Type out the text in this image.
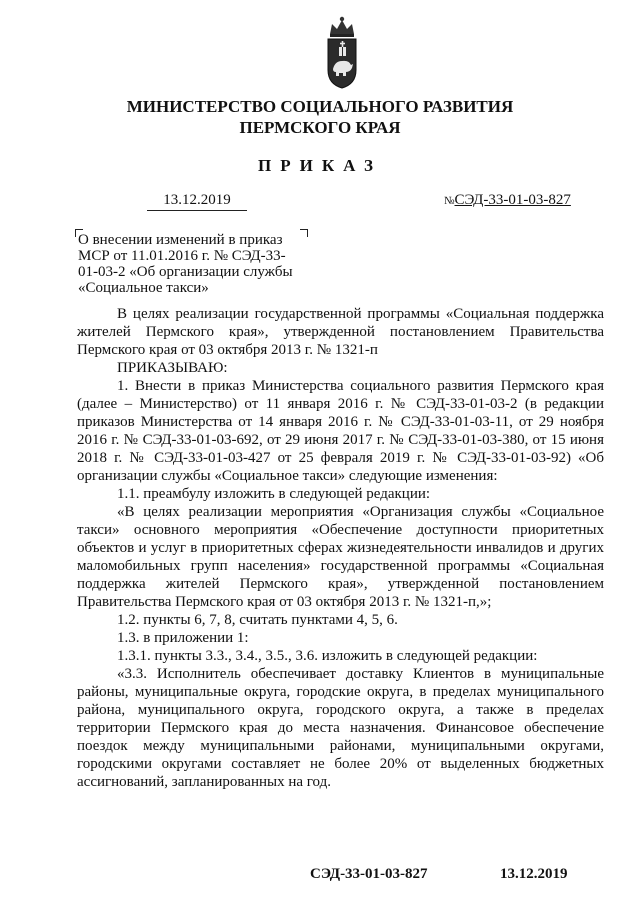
МИНИСТЕРСТВО СОЦИАЛЬНОГО РАЗВИТИЯ
ПЕРМСКОГО КРАЯ
ПРИКАЗ
13.12.2019	№СЭД-33-01-03-827
О внесении изменений в приказ МСР от 11.01.2016 г. № СЭД-33-01-03-2 «Об организации службы «Социальное такси»

В целях реализации государственной программы «Социальная поддержка жителей Пермского края», утвержденной постановлением Правительства Пермского края от 03 октября 2013 г. № 1321-п

ПРИКАЗЫВАЮ:

1. Внести в приказ Министерства социального развития Пермского края (далее – Министерство) от 11 января 2016 г. № СЭД-33-01-03-2 (в редакции приказов Министерства от 14 января 2016 г. № СЭД-33-01-03-11, от 29 ноября 2016 г. № СЭД-33-01-03-692, от 29 июня 2017 г. № СЭД-33-01-03-380, от 15 июня 2018 г. № СЭД-33-01-03-427 от 25 февраля 2019 г. № СЭД-33-01-03-92) «Об организации службы «Социальное такси» следующие изменения:

1.1. преамбулу изложить в следующей редакции:

«В целях реализации мероприятия «Организация службы «Социальное такси» основного мероприятия «Обеспечение доступности приоритетных объектов и услуг в приоритетных сферах жизнедеятельности инвалидов и других маломобильных групп населения» государственной программы «Социальная поддержка жителей Пермского края», утвержденной постановлением Правительства Пермского края от 03 октября 2013 г. № 1321-п,»;

1.2. пункты 6, 7, 8, считать пунктами 4, 5, 6.

1.3. в приложении 1:

1.3.1. пункты 3.3., 3.4., 3.5., 3.6. изложить в следующей редакции:

«3.3. Исполнитель обеспечивает доставку Клиентов в муниципальные районы, муниципальные округа, городские округа, в пределах муниципального района, муниципального округа, городского округа, а также в пределах территории Пермского края до места назначения. Финансовое обеспечение поездок между муниципальными районами, муниципальными округами, городскими округами составляет не более 20% от выделенных бюджетных ассигнований, запланированных на год.

СЭД-33-01-03-827	13.12.2019
